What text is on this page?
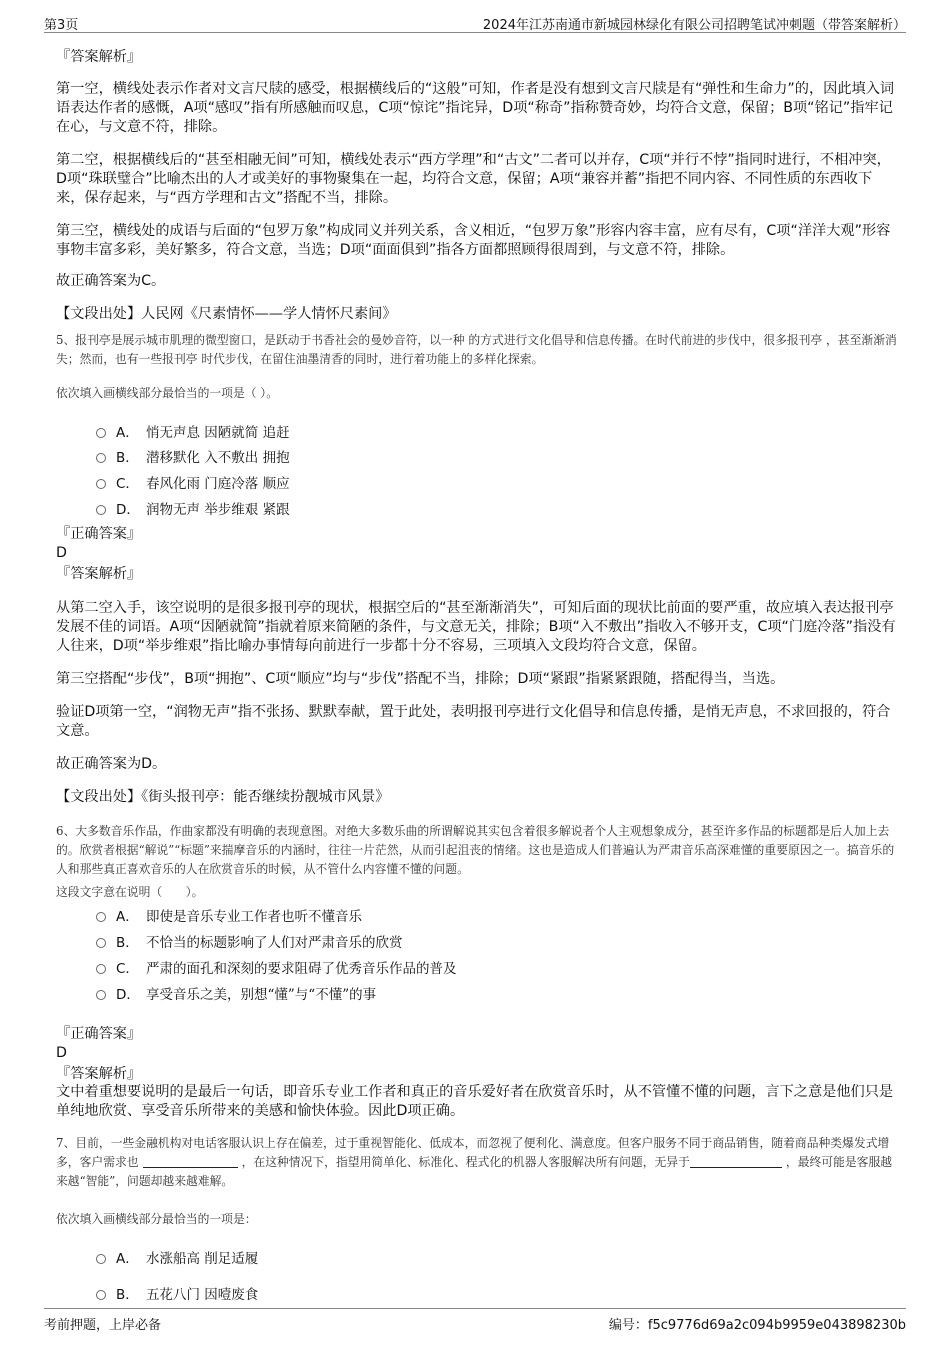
第3页	2024年江苏南通市新城园林绿化有限公司招聘笔试冲刺题（带答案解析）
『答案解析』
第一空，横线处表示作者对文言尺牍的感受，根据横线后的“这般”可知，作者是没有想到文言尺牍是有“弹性和生命力”的，因此填入词语表达作者的感慨，A项“感叹”指有所感触而叹息，C项“惊诧”指诧异，D项“称奇”指称赞奇妙，均符合文意，保留；B项“铭记”指牢记在心，与文意不符，排除。
第二空，根据横线后的“甚至相融无间”可知，横线处表示“西方学理”和“古文”二者可以并存，C项“并行不悖”指同时进行，不相冲突，D项“珠联璧合”比喻杰出的人才或美好的事物聚集在一起，均符合文意，保留；A项“兼容并蓄”指把不同内容、不同性质的东西收下来，保存起来，与“西方学理和古文”搭配不当，排除。
第三空，横线处的成语与后面的“包罗万象”构成同义并列关系，含义相近，“包罗万象”形容内容丰富，应有尽有，C项“洋洋大观”形容事物丰富多彩，美好繁多，符合文意，当选；D项“面面俱到”指各方面都照顾得很周到，与文意不符，排除。
故正确答案为C。
【文段出处】人民网《尺素情怀——学人情怀尺素间》
5、报刊亭是展示城市肌理的微型窗口，是跃动于书香社会的曼妙音符，以一种 的方式进行文化倡导和信息传播。在时代前进的步伐中，很多报刊亭 ，甚至渐渐消失；然而，也有一些报刊亭 时代步伐，在留住油墨清香的同时，进行着功能上的多样化探索。
依次填入画横线部分最恰当的一项是（ ）。
A． 悄无声息 因陋就简 追赶
B． 潜移默化 入不敷出 拥抱
C． 春风化雨 门庭冷落 顺应
D． 润物无声 举步维艰 紧跟
『正确答案』
D
『答案解析』
从第二空入手，该空说明的是很多报刊亭的现状，根据空后的“甚至渐渐消失”，可知后面的现状比前面的要严重，故应填入表达报刊亭发展不佳的词语。A项“因陋就简”指就着原来简陋的条件，与文意无关，排除；B项“入不敷出”指收入不够开支，C项“门庭冷落”指没有人往来，D项“举步维艰”指比喻办事情每向前进行一步都十分不容易，三项填入文段均符合文意，保留。
第三空搭配“步伐”，B项“拥抱”、C项“顺应”均与“步伐”搭配不当，排除；D项“紧跟”指紧紧跟随，搭配得当，当选。
验证D项第一空，“润物无声”指不张扬、默默奉献，置于此处，表明报刊亭进行文化倡导和信息传播，是悄无声息，不求回报的，符合文意。
故正确答案为D。
【文段出处】《街头报刊亭：能否继续扮靓城市风景》
6、大多数音乐作品，作曲家都没有明确的表现意图。对绝大多数乐曲的所谓解说其实包含着很多解说者个人主观想象成分，甚至许多作品的标题都是后人加上去的。欣赏者根据“解说”“标题”来揣摩音乐的内涵时，往往一片茫然，从而引起沮丧的情绪。这也是造成人们普遍认为严肃音乐高深难懂的重要原因之一。搞音乐的人和那些真正喜欢音乐的人在欣赏音乐的时候，从不管什么内容懂不懂的问题。
这段文字意在说明（　　）。
A． 即使是音乐专业工作者也听不懂音乐
B． 不恰当的标题影响了人们对严肃音乐的欣赏
C． 严肃的面孔和深刻的要求阻碍了优秀音乐作品的普及
D． 享受音乐之美，别想“懂”与“不懂”的事
『正确答案』
D
『答案解析』
文中着重想要说明的是最后一句话，即音乐专业工作者和真正的音乐爱好者在欣赏音乐时，从不管懂不懂的问题，言下之意是他们只是单纯地欣赏、享受音乐所带来的美感和愉快体验。因此D项正确。
7、目前，一些金融机构对电话客服认识上存在偏差，过于重视智能化、低成本，而忽视了便利化、满意度。但客户服务不同于商品销售，随着商品种类爆发式增多，客户需求也	，在这种情况下，指望用简单化、标准化、程式化的机器人客服解决所有问题，无异于	，最终可能是客服越来越“智能”，问题却越来越难解。
依次填入画横线部分最恰当的一项是：
A． 水涨船高 削足适履
B． 五花八门 因噎废食
考前押题，上岸必备	编号：f5c9776d69a2c094b9959e043898230b
